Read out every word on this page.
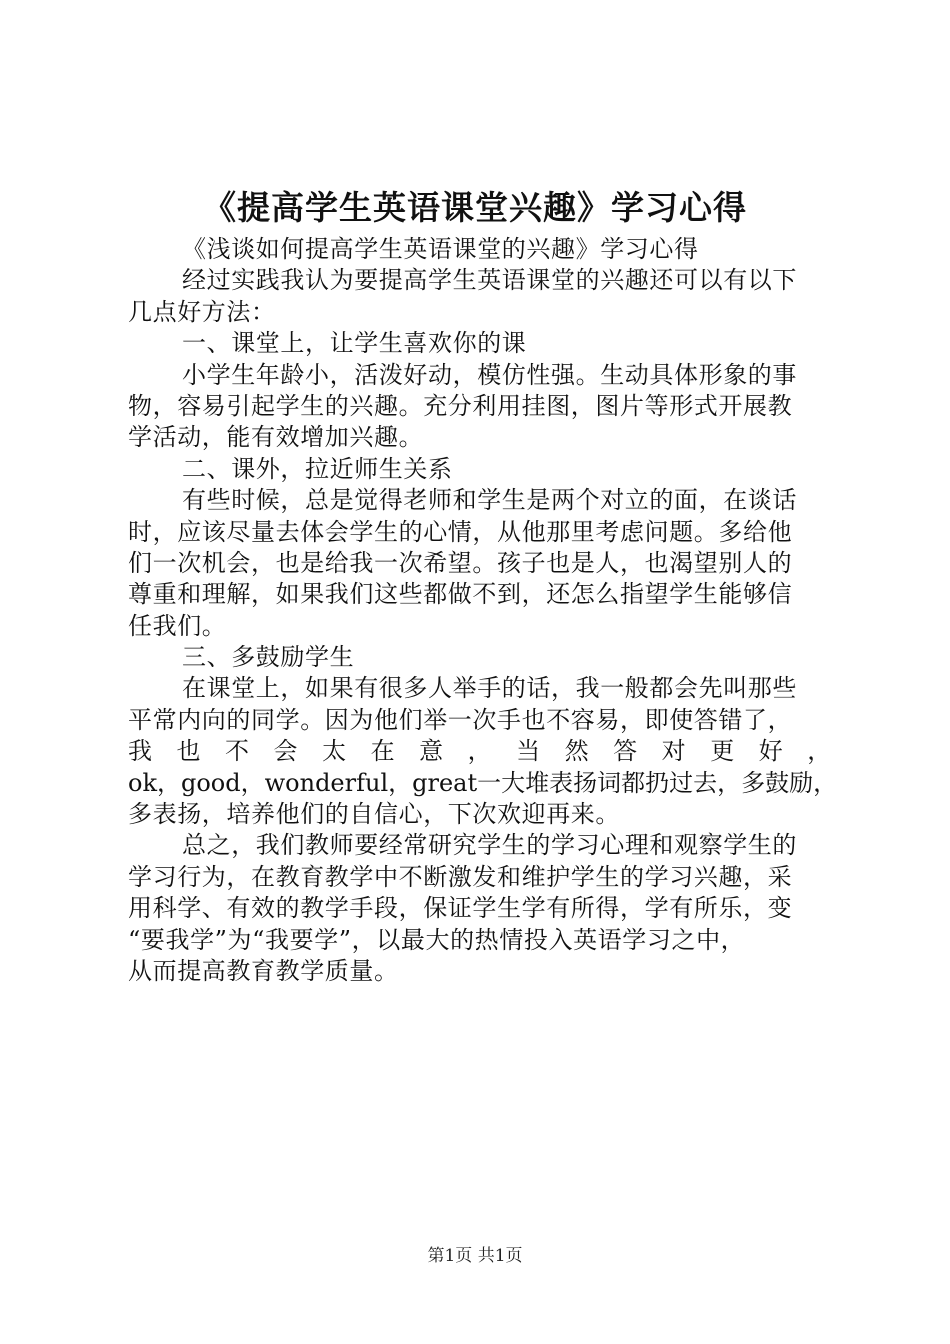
《提高学生英语课堂兴趣》学习心得
《浅谈如何提高学生英语课堂的兴趣》学习心得
经过实践我认为要提高学生英语课堂的兴趣还可以有以下
几点好方法：
一、课堂上，让学生喜欢你的课
小学生年龄小，活泼好动，模仿性强。生动具体形象的事
物，容易引起学生的兴趣。充分利用挂图，图片等形式开展教
学活动，能有效增加兴趣。
二、课外，拉近师生关系
有些时候，总是觉得老师和学生是两个对立的面，在谈话
时，应该尽量去体会学生的心情，从他那里考虑问题。多给他
们一次机会，也是给我一次希望。孩子也是人，也渴望别人的
尊重和理解，如果我们这些都做不到，还怎么指望学生能够信
任我们。
三、多鼓励学生
在课堂上，如果有很多人举手的话，我一般都会先叫那些
平常内向的同学。因为他们举一次手也不容易，即使答错了，
我 也 不 会 太 在 意 ， 当 然 答 对 更 好 ，
ok，good，wonderful，great一大堆表扬词都扔过去，多鼓励，
多表扬，培养他们的自信心，下次欢迎再来。
总之，我们教师要经常研究学生的学习心理和观察学生的
学习行为，在教育教学中不断激发和维护学生的学习兴趣，采
用科学、有效的教学手段，保证学生学有所得，学有所乐，变
“要我学”为“我要学”，以最大的热情投入英语学习之中，
从而提高教育教学质量。
第1页 共1页
